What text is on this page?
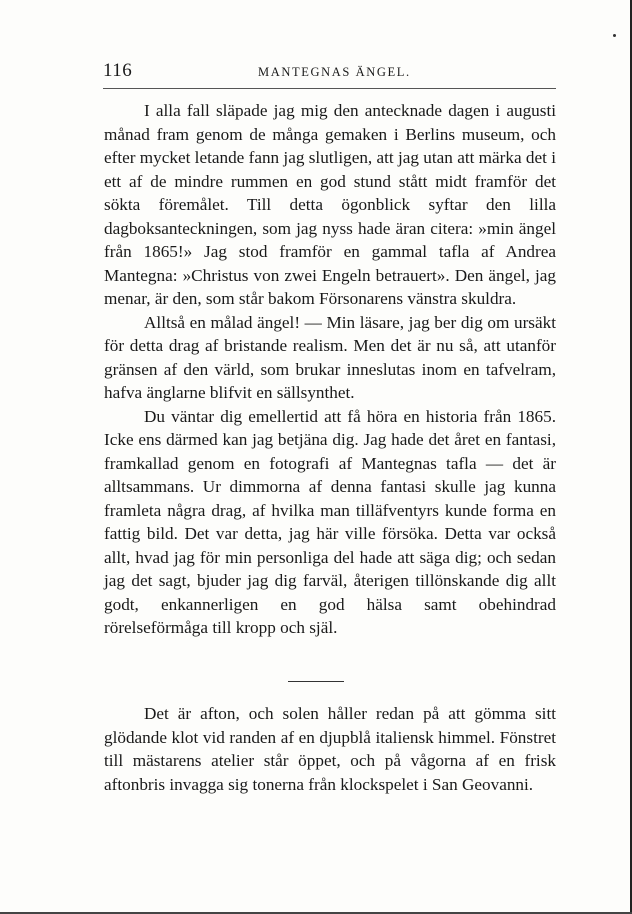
116	MANTEGNAS ÄNGEL.

I alla fall släpade jag mig den antecknade dagen i augusti månad fram genom de många gemaken i Berlins museum, och efter mycket letande fann jag slutligen, att jag utan att märka det i ett af de mindre rummen en god stund stått midt framför det sökta föremålet. Till detta ögonblick syftar den lilla dagboksanteckningen, som jag nyss hade äran citera: »min ängel från 1865!» Jag stod framför en gammal tafla af Andrea Mantegna: »Christus von zwei Engeln betrauert». Den ängel, jag menar, är den, som står bakom Försonarens vänstra skuldra.

Alltså en målad ängel! — Min läsare, jag ber dig om ursäkt för detta drag af bristande realism. Men det är nu så, att utanför gränsen af den värld, som brukar inneslutas inom en tafvelram, hafva änglarne blifvit en sällsynthet.

Du väntar dig emellertid att få höra en historia från 1865. Icke ens därmed kan jag betjäna dig. Jag hade det året en fantasi, framkallad genom en fotografi af Mantegnas tafla — det är alltsammans. Ur dimmorna af denna fantasi skulle jag kunna framleta några drag, af hvilka man tilläfventyrs kunde forma en fattig bild. Det var detta, jag här ville försöka. Detta var också allt, hvad jag för min personliga del hade att säga dig; och sedan jag det sagt, bjuder jag dig farväl, återigen tillönskande dig allt godt, enkannerligen en god hälsa samt obehindrad rörelseförmåga till kropp och själ.

Det är afton, och solen håller redan på att gömma sitt glödande klot vid randen af en djupblå italiensk himmel. Fönstret till mästarens atelier står öppet, och på vågorna af en frisk aftonbris invagga sig tonerna från klockspelet i San Geovanni.
